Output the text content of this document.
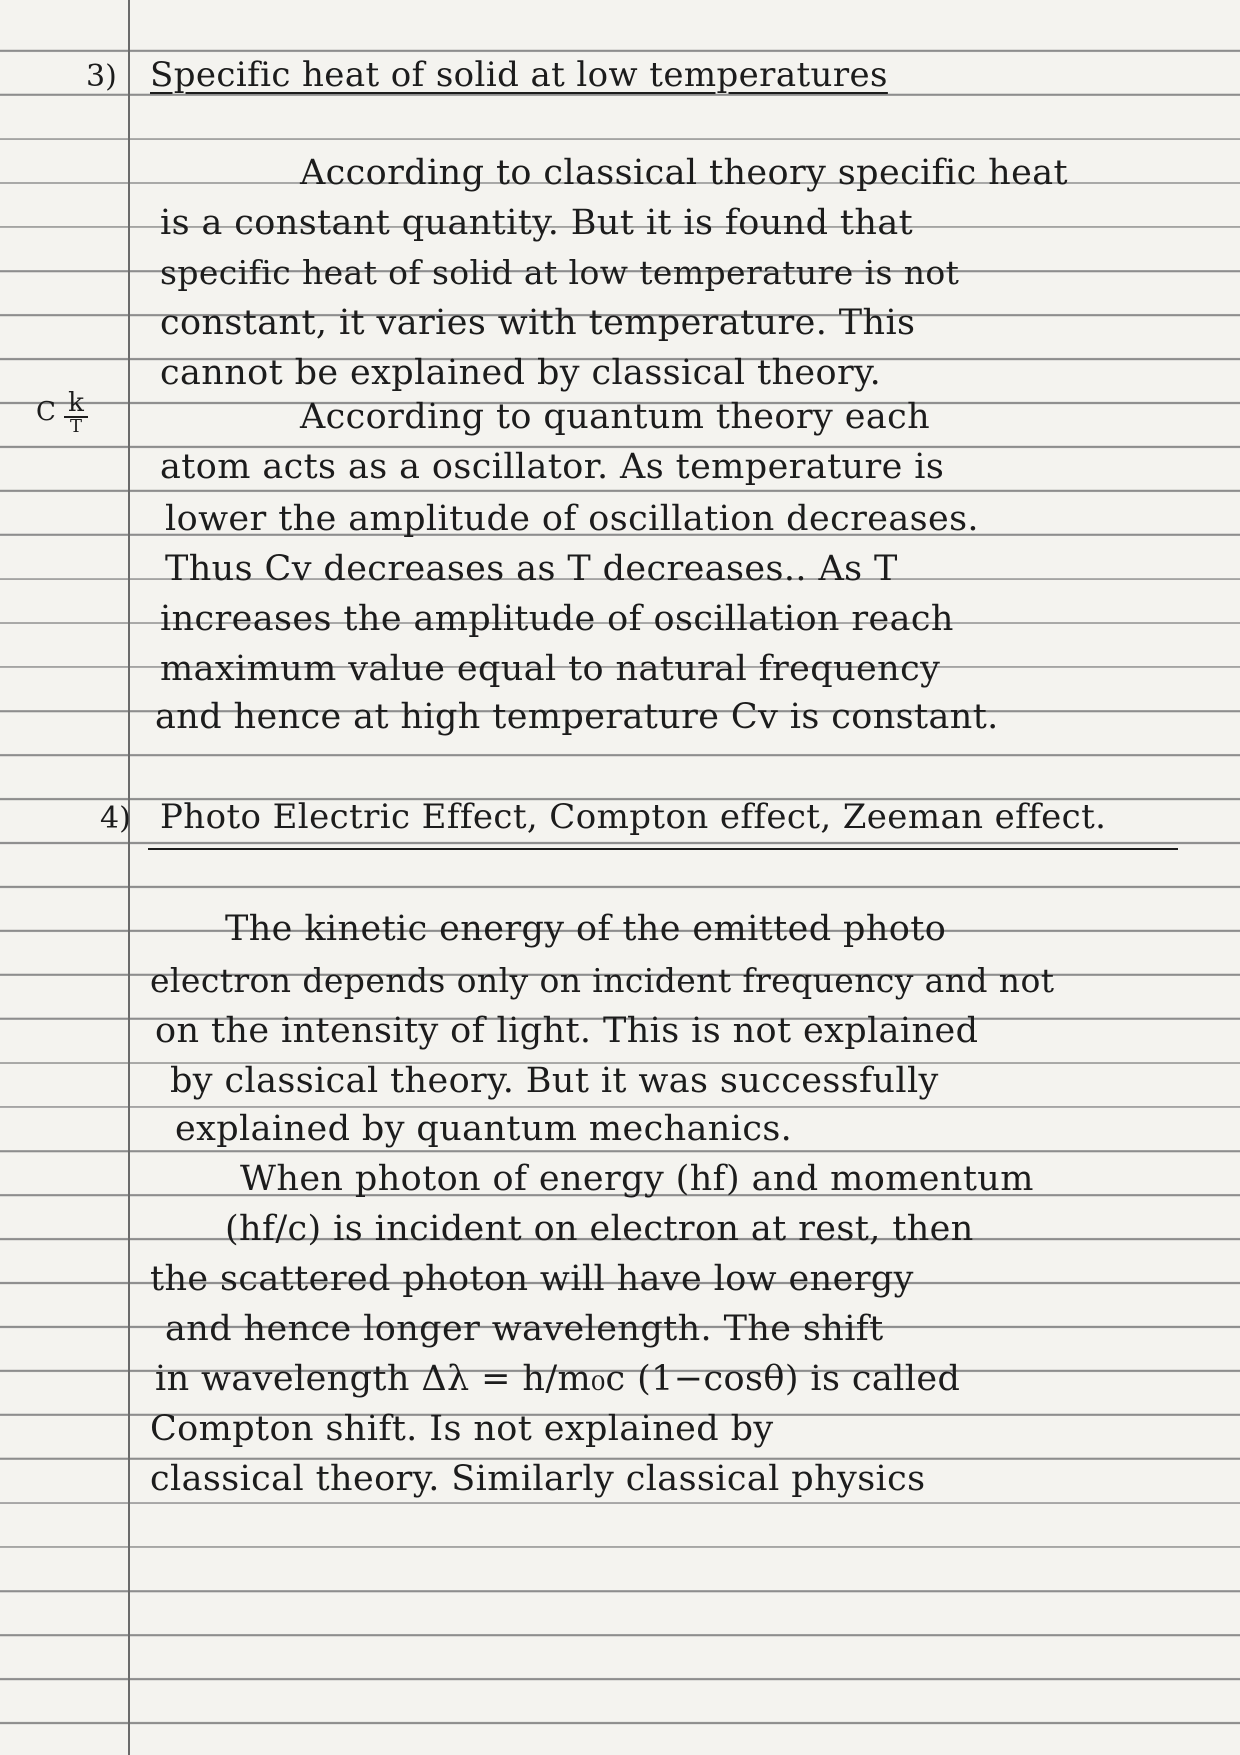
3) Specific heat of solid at low temperatures
C $\frac{k}{T}$
According to classical theory specific heat
is a constant quantity. But it is found that
specific heat of solid at low temperature is not
constant, it varies with temperature. This
cannot be explained by classical theory.
According to quantum theory each
atom acts as a oscillator. As temperature is
lower the amplitude of oscillation decreases.
Thus Cv decreases as T decreases.. As T
increases the amplitude of oscillation reach
maximum value equal to natural frequency
and hence at high temperature Cv is constant.
4) Photo Electric Effect, Compton effect, Zeeman effect.
The kinetic energy of the emitted photo
electron depends only on incident frequency and not
on the intensity of light. This is not explained
by classical theory. But it was successfully
explained by quantum mechanics.
When photon of energy (hf) and momentum
(hf/c) is incident on electron at rest, then
the scattered photon will have low energy
and hence longer wavelength. The shift
in wavelength Δλ = h/m₀c (1−cosθ) is called
Compton shift. Is not explained by
classical theory. Similarly classical physics
